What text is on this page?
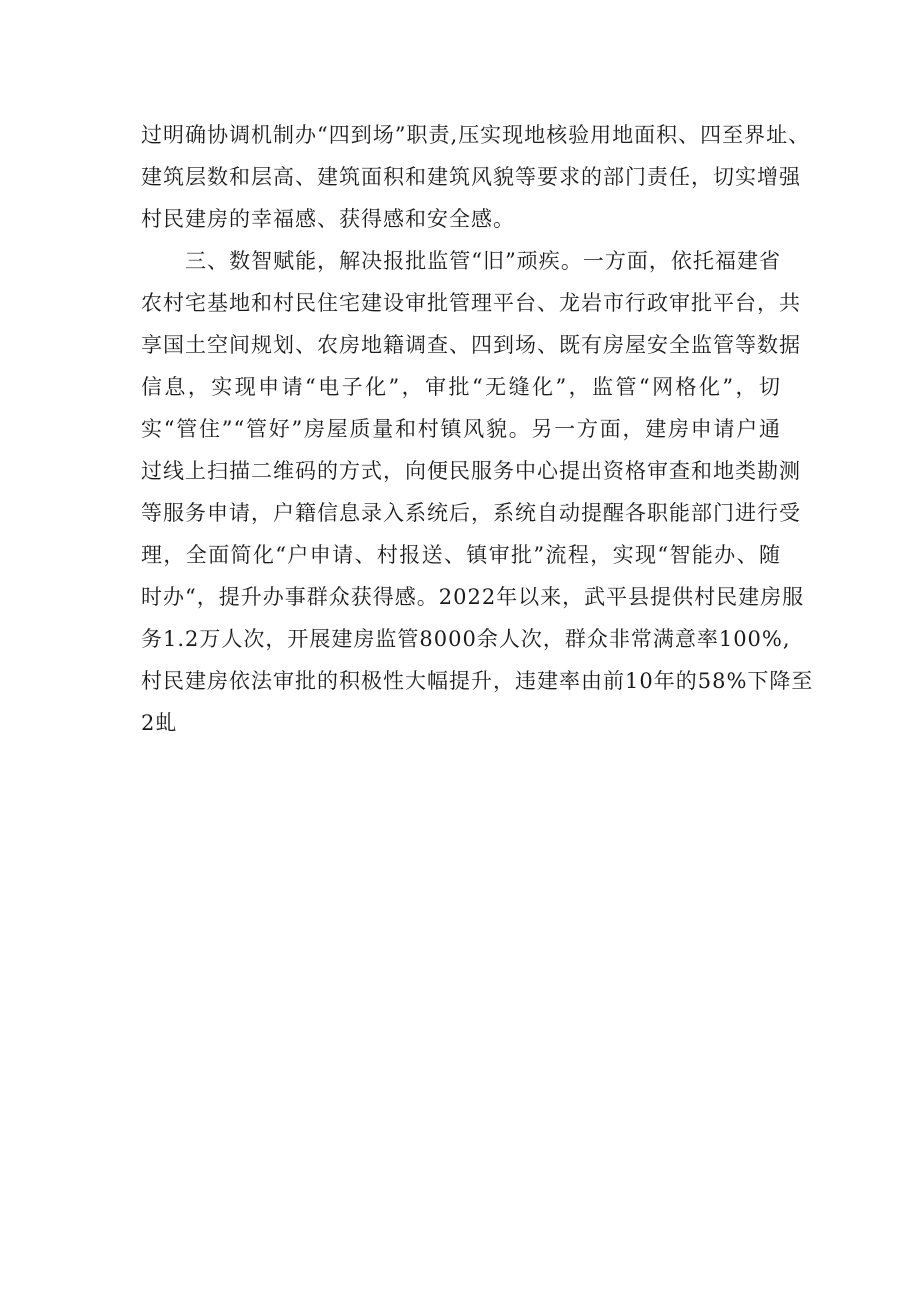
过明确协调机制办“四到场”职责,压实现地核验用地面积、四至界址、
建筑层数和层高、建筑面积和建筑风貌等要求的部门责任，切实增强
村民建房的幸福感、获得感和安全感。
　　三、数智赋能，解决报批监管“旧”顽疾。一方面，依托福建省
农村宅基地和村民住宅建设审批管理平台、龙岩市行政审批平台，共
享国土空间规划、农房地籍调查、四到场、既有房屋安全监管等数据
信息，实现申请“电子化”，审批“无缝化”，监管“网格化”，切
实“管住”“管好”房屋质量和村镇风貌。另一方面，建房申请户通
过线上扫描二维码的方式，向便民服务中心提出资格审查和地类勘测
等服务申请，户籍信息录入系统后，系统自动提醒各职能部门进行受
理，全面简化“户申请、村报送、镇审批”流程，实现“智能办、随
时办“，提升办事群众获得感。2022年以来，武平县提供村民建房服
务1.2万人次，开展建房监管8000余人次，群众非常满意率100%,
村民建房依法审批的积极性大幅提升，违建率由前10年的58%下降至
2虬
